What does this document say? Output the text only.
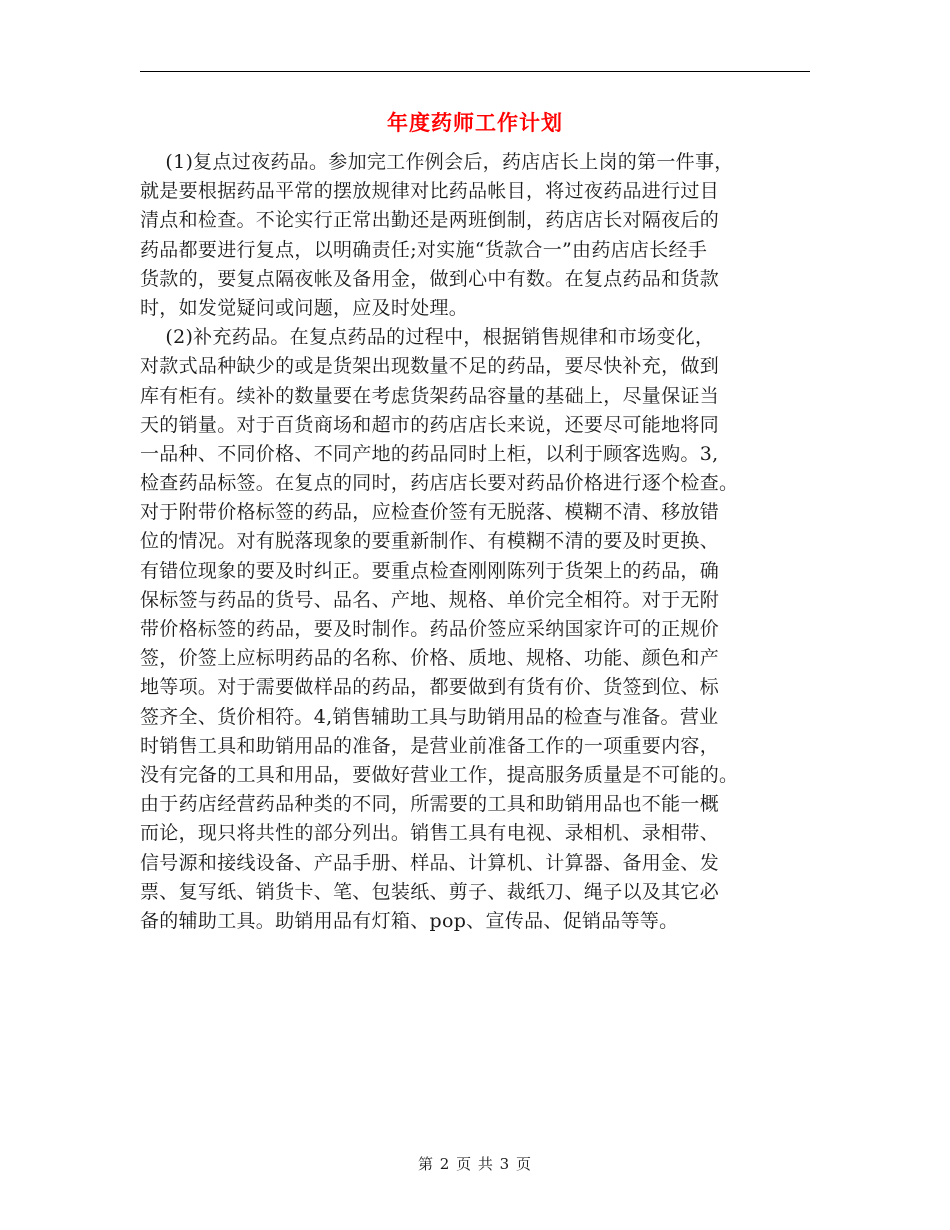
年度药师工作计划
(1)复点过夜药品。参加完工作例会后，药店店长上岗的第一件事，
就是要根据药品平常的摆放规律对比药品帐目，将过夜药品进行过目
清点和检查。不论实行正常出勤还是两班倒制，药店店长对隔夜后的
药品都要进行复点，以明确责任;对实施“货款合一”由药店店长经手
货款的，要复点隔夜帐及备用金，做到心中有数。在复点药品和货款
时，如发觉疑问或问题，应及时处理。
(2)补充药品。在复点药品的过程中，根据销售规律和市场变化，
对款式品种缺少的或是货架出现数量不足的药品，要尽快补充，做到
库有柜有。续补的数量要在考虑货架药品容量的基础上，尽量保证当
天的销量。对于百货商场和超市的药店店长来说，还要尽可能地将同
一品种、不同价格、不同产地的药品同时上柜，以利于顾客选购。3,
检查药品标签。在复点的同时，药店店长要对药品价格进行逐个检查。
对于附带价格标签的药品，应检查价签有无脱落、模糊不清、移放错
位的情况。对有脱落现象的要重新制作、有模糊不清的要及时更换、
有错位现象的要及时纠正。要重点检查刚刚陈列于货架上的药品，确
保标签与药品的货号、品名、产地、规格、单价完全相符。对于无附
带价格标签的药品，要及时制作。药品价签应采纳国家许可的正规价
签，价签上应标明药品的名称、价格、质地、规格、功能、颜色和产
地等项。对于需要做样品的药品，都要做到有货有价、货签到位、标
签齐全、货价相符。4,销售辅助工具与助销用品的检查与准备。营业
时销售工具和助销用品的准备，是营业前准备工作的一项重要内容，
没有完备的工具和用品，要做好营业工作，提高服务质量是不可能的。
由于药店经营药品种类的不同，所需要的工具和助销用品也不能一概
而论，现只将共性的部分列出。销售工具有电视、录相机、录相带、
信号源和接线设备、产品手册、样品、计算机、计算器、备用金、发
票、复写纸、销货卡、笔、包装纸、剪子、裁纸刀、绳子以及其它必
备的辅助工具。助销用品有灯箱、pop、宣传品、促销品等等。
第 2 页 共 3 页
